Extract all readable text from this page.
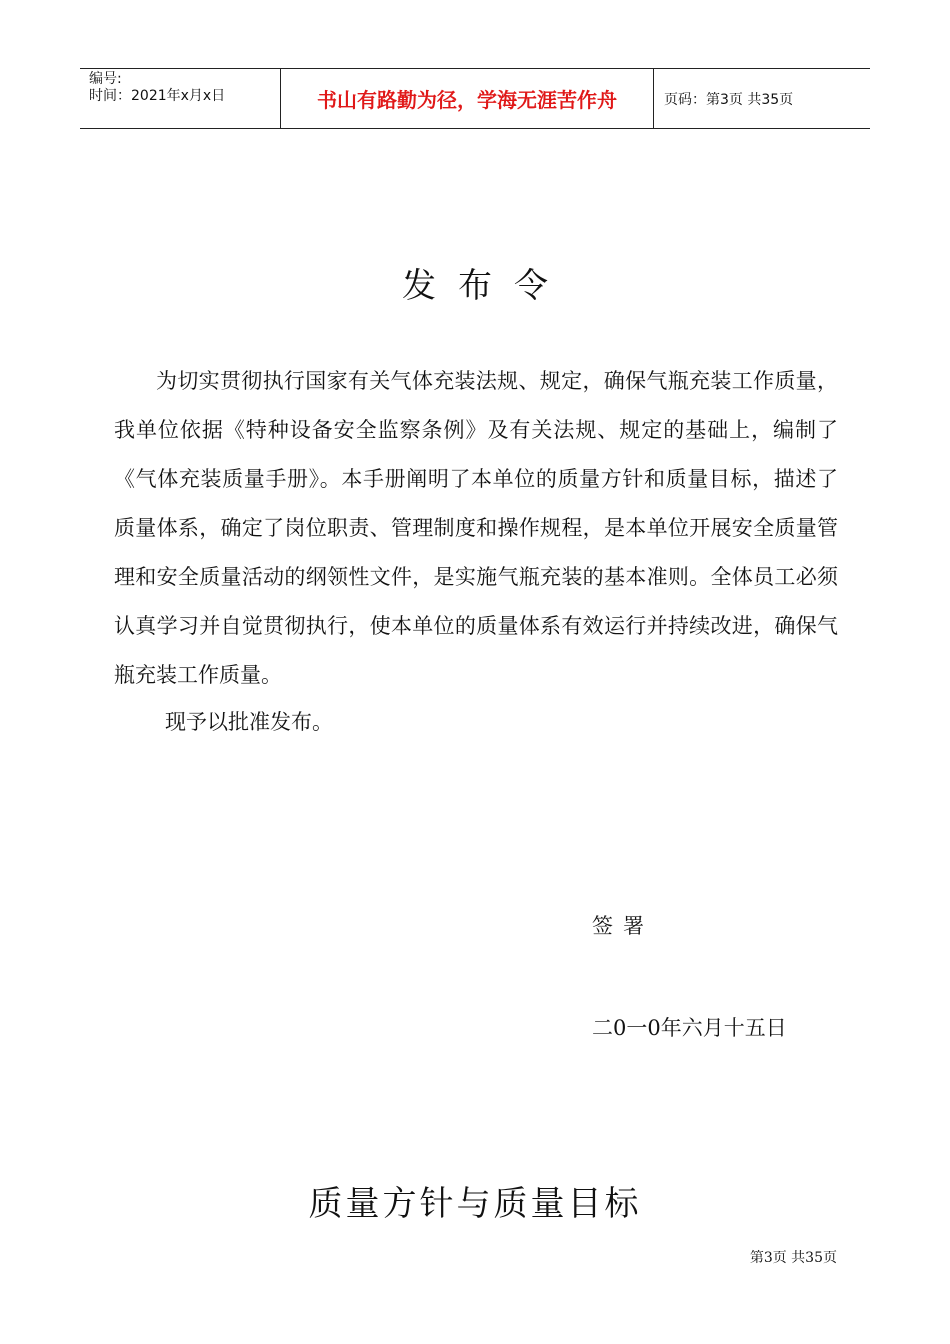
编号:
时间：2021年x月x日	书山有路勤为径，学海无涯苦作舟	页码：第3页 共35页
发布令

为切实贯彻执行国家有关气体充装法规、规定，确保气瓶充装工作质量，我单位依据《特种设备安全监察条例》及有关法规、规定的基础上，编制了《气体充装质量手册》。本手册阐明了本单位的质量方针和质量目标，描述了质量体系，确定了岗位职责、管理制度和操作规程，是本单位开展安全质量管理和安全质量活动的纲领性文件，是实施气瓶充装的基本准则。全体员工必须认真学习并自觉贯彻执行，使本单位的质量体系有效运行并持续改进，确保气瓶充装工作质量。

现予以批准发布。
签署
二0一0年六月十五日
质量方针与质量目标
第3页 共35页
